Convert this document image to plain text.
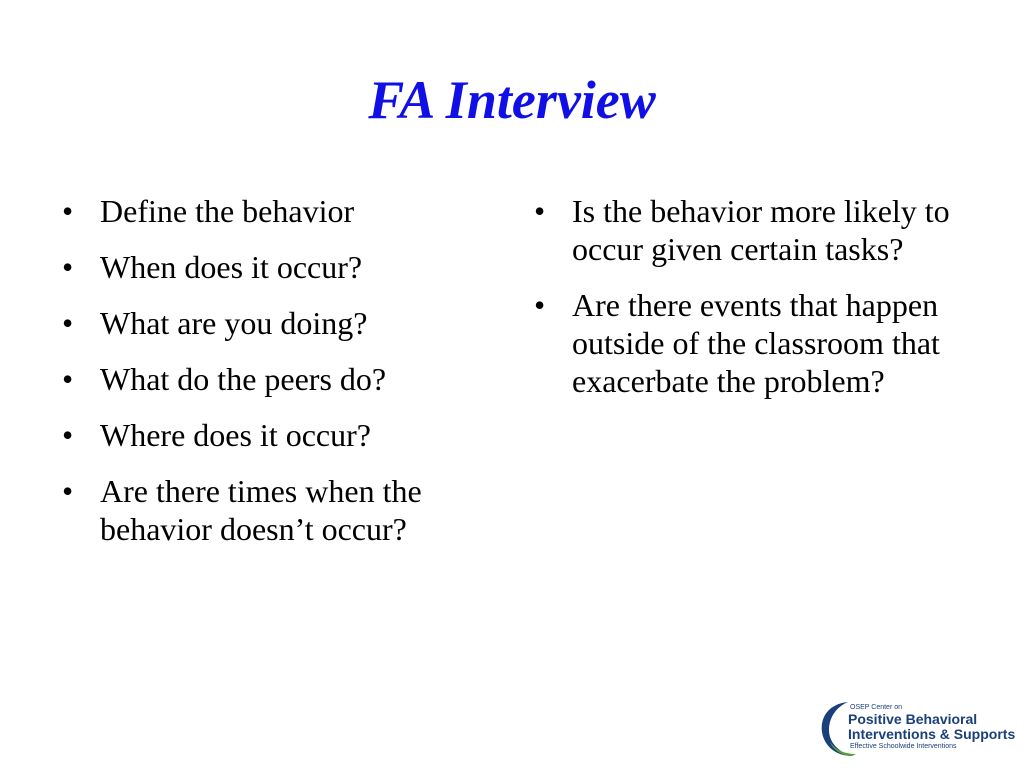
FA Interview
• Define the behavior
• When does it occur?
• What are you doing?
• What do the peers do?
• Where does it occur?
• Are there times when the behavior doesn’t occur?
• Is the behavior more likely to occur given certain tasks?
• Are there events that happen outside of the classroom that exacerbate the problem?
OSEP Center on
Positive Behavioral
Interventions & Supports
Effective Schoolwide Interventions
